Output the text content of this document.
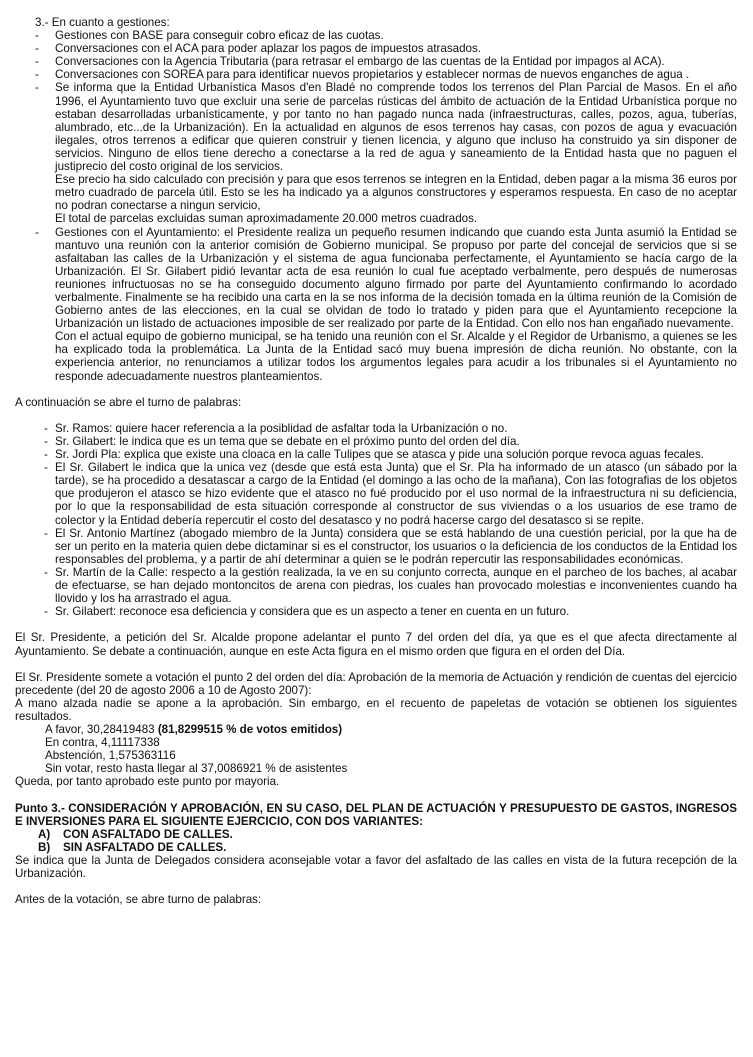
3.- En cuanto a gestiones:

- Gestiones con BASE para conseguir cobro eficaz de las cuotas.
- Conversaciones con el ACA para poder aplazar los pagos de impuestos atrasados.
- Conversaciones con la Agencia Tributaria (para retrasar el embargo de las cuentas de la Entidad por impagos al ACA).
- Conversaciones con SOREA para para identificar nuevos propietarios y establecer normas de nuevos enganches de agua .
- Se informa que la Entidad Urbanística Masos d'en Bladé no comprende todos los terrenos del Plan Parcial de Masos. En el año 1996, el Ayuntamiento tuvo que excluir una serie de parcelas rústicas del ámbito de actuación de la Entidad Urbanística porque no estaban desarrolladas urbanísticamente, y por tanto no han pagado nunca nada (infraestructuras, calles, pozos, agua, tuberías, alumbrado, etc...de la Urbanización). En la actualidad en algunos de esos terrenos hay casas, con pozos de agua y evacuación ilegales, otros terrenos a edificar que quieren construir y tienen licencia, y alguno que incluso ha construido ya sin disponer de servicios. Ninguno de ellos tiene derecho a conectarse a la red de agua y saneamiento de la Entidad hasta que no paguen el justiprecio del costo original de los servicios.

Ese precio ha sido calculado con precisión y para que esos terrenos se integren en la Entidad, deben pagar a la misma 36 euros por metro cuadrado de parcela útil. Esto se les ha indicado ya a algunos constructores y esperamos respuesta. En caso de no aceptar no podran conectarse a ningun servicio,

El total de parcelas excluidas suman aproximadamente 20.000 metros cuadrados.

- Gestiones con el Ayuntamiento: el Presidente realiza un pequeño resumen indicando que cuando esta Junta asumió la Entidad se mantuvo una reunión con la anterior comisión de Gobierno municipal. Se propuso por parte del concejal de servicios que si se asfaltaban las calles de la Urbanización y el sistema de agua funcionaba perfectamente, el Ayuntamiento se hacía cargo de la Urbanización. El Sr. Gilabert pidió levantar acta de esa reunión lo cual fue aceptado verbalmente, pero después de numerosas reuniones infructuosas no se ha conseguido documento alguno firmado por parte del Ayuntamiento confirmando lo acordado verbalmente. Finalmente se ha recibido una carta en la se nos informa de la decisión tomada en la última reunión de la Comisión de Gobierno antes de las elecciones, en la cual se olvidan de todo lo tratado y piden para que el Ayuntamiento recepcione la Urbanización un listado de actuaciones imposible de ser realizado por parte de la Entidad. Con ello nos han engañado nuevamente.

Con el actual equipo de gobierno municipal, se ha tenido una reunión con el Sr. Alcalde y el Regidor de Urbanismo, a quienes se les ha explicado toda la problemática. La Junta de la Entidad sacó muy buena impresión de dicha reunión. No obstante, con la experiencia anterior, no renunciamos a utilizar todos los argumentos legales para acudir a los tribunales si el Ayuntamiento no responde adecuadamente nuestros planteamientos.

A continuación se abre el turno de palabras:

- Sr. Ramos: quiere hacer referencia a la posiblidad de asfaltar toda la Urbanización o no.
- Sr. Gilabert: le indica que es un tema que se debate en el próximo punto del orden del día.
- Sr. Jordi Pla: explica que existe una cloaca en la calle Tulipes que se atasca y pide una solución porque revoca aguas fecales.
- El Sr. Gilabert le indica que la unica vez (desde que está esta Junta) que el Sr. Pla ha informado de un atasco (un sábado por la tarde), se ha procedido a desatascar a cargo de la Entidad (el domingo a las ocho de la mañana), Con las fotografias de los objetos que produjeron el atasco se hizo evidente que el atasco no fué producido por el uso normal de la infraestructura ni su deficiencia, por lo que la responsabilidad de esta situación corresponde al constructor de sus viviendas o a los usuarios de ese tramo de colector y la Entidad debería repercutir el costo del desatasco y no podrá hacerse cargo del desatasco si se repite.
- El Sr. Antonio Martínez (abogado miembro de la Junta) considera que se está hablando de una cuestión pericial, por la que ha de ser un perito en la materia quien debe dictaminar si es el constructor, los usuarios o la deficiencia de los conductos de la Entidad los responsables del problema, y a partir de ahí determinar a quien se le podrán repercutir las responsabilidades económicas.
- Sr. Martín de la Calle: respecto a la gestión realizada, la ve en su conjunto correcta, aunque en el parcheo de los baches, al acabar de efectuarse, se han dejado montoncitos de arena con piedras, los cuales han provocado molestias e inconvenientes cuando ha llovido y los ha arrastrado el agua.
- Sr. Gilabert: reconoce esa deficiencia y considera que es un aspecto a tener en cuenta en un futuro.

El Sr. Presidente, a petición del Sr. Alcalde propone adelantar el punto 7 del orden del día, ya que es el que afecta directamente al Ayuntamiento. Se debate a continuación, aunque en este Acta figura en el mismo orden que figura en el orden del Día.

El Sr. Presidente somete a votación el punto 2 del orden del día: Aprobación de la memoria de Actuación y rendición de cuentas del ejercicio precedente (del 20 de agosto 2006 a 10 de Agosto 2007):

A mano alzada nadie se apone a la aprobación. Sin embargo, en el recuento de papeletas de votación se obtienen los siguientes resultados.

A favor, 30,28419483 (81,8299515 % de votos emitidos)

En contra, 4,11117338

Abstención, 1,575363116

Sin votar, resto hasta llegar al 37,0086921 % de asistentes

Queda, por tanto aprobado este punto por mayoria.

Punto 3.- CONSIDERACIÓN Y APROBACIÓN, EN SU CASO, DEL PLAN DE ACTUACIÓN Y PRESUPUESTO DE GASTOS, INGRESOS E INVERSIONES PARA EL SIGUIENTE EJERCICIO, CON DOS VARIANTES:

A) CON ASFALTADO DE CALLES.

B) SIN ASFALTADO DE CALLES.

Se indica que la Junta de Delegados considera aconsejable votar a favor del asfaltado de las calles en vista de la futura recepción de la Urbanización.

Antes de la votación, se abre turno de palabras:
